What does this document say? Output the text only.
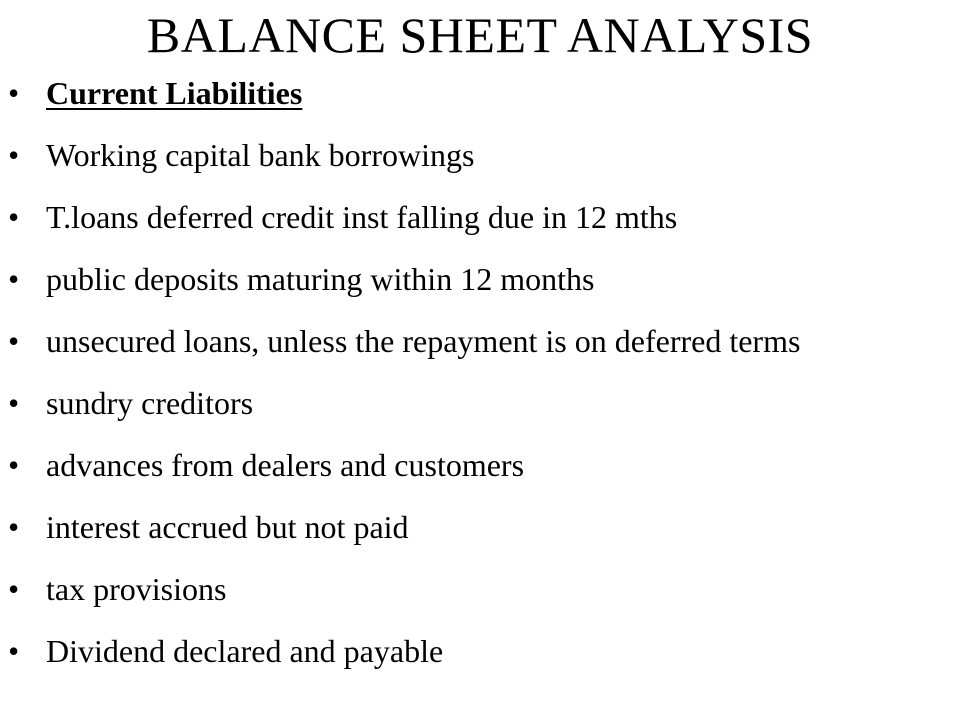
BALANCE SHEET ANALYSIS
• Current Liabilities
• Working capital bank borrowings
• T.loans deferred credit inst falling due in 12 mths
• public deposits maturing within 12 months
• unsecured loans, unless the repayment is on deferred terms
• sundry creditors
• advances from dealers and customers
• interest accrued but not paid
• tax provisions
• Dividend declared and payable
